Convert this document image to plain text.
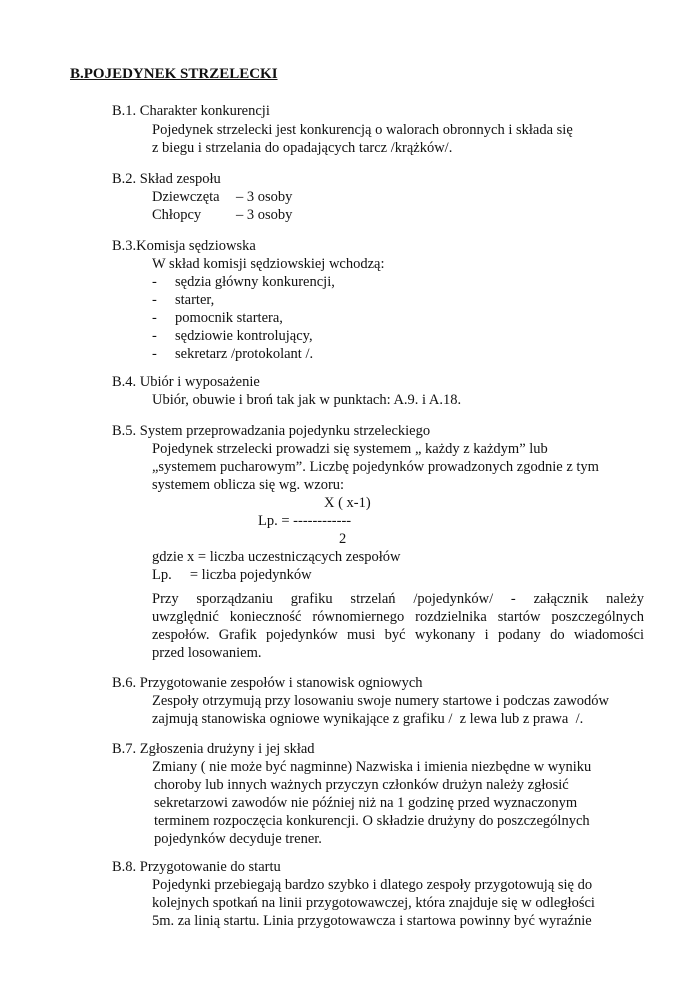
B.POJEDYNEK STRZELECKI
B.1. Charakter konkurencji
Pojedynek strzelecki jest konkurencją o walorach obronnych i składa się
z biegu i strzelania do opadających tarcz /krążków/.
B.2. Skład zespołu
Dziewczęta – 3 osoby
Chłopcy – 3 osoby
B.3.Komisja sędziowska
W skład komisji sędziowskiej wchodzą:
- sędzia główny konkurencji,
- starter,
- pomocnik startera,
- sędziowie kontrolujący,
- sekretarz /protokolant /.
B.4. Ubiór i wyposażenie
Ubiór, obuwie i broń tak jak w punktach: A.9. i A.18.
B.5. System przeprowadzania pojedynku strzeleckiego
Pojedynek strzelecki prowadzi się systemem „ każdy z każdym” lub
„systemem pucharowym”. Liczbę pojedynków prowadzonych zgodnie z tym
systemem oblicza się wg. wzoru:
X ( x-1)
Lp. = ------------
2
gdzie x = liczba uczestniczących zespołów
Lp.     = liczba pojedynków
Przy sporządzaniu grafiku strzelań /pojedynków/ - załącznik należy
uwzględnić konieczność równomiernego rozdzielnika startów poszczególnych
zespołów. Grafik pojedynków musi być wykonany i podany do wiadomości
przed losowaniem.
B.6. Przygotowanie zespołów i stanowisk ogniowych
Zespoły otrzymują przy losowaniu swoje numery startowe i podczas zawodów
zajmują stanowiska ogniowe wynikające z grafiku /  z lewa lub z prawa  /.
B.7. Zgłoszenia drużyny i jej skład
Zmiany ( nie może być nagminne) Nazwiska i imienia niezbędne w wyniku
choroby lub innych ważnych przyczyn członków drużyn należy zgłosić
sekretarzowi zawodów nie później niż na 1 godzinę przed wyznaczonym
terminem rozpoczęcia konkurencji. O składzie drużyny do poszczególnych
pojedynków decyduje trener.
B.8. Przygotowanie do startu
Pojedynki przebiegają bardzo szybko i dlatego zespoły przygotowują się do
kolejnych spotkań na linii przygotowawczej, która znajduje się w odległości
5m. za linią startu. Linia przygotowawcza i startowa powinny być wyraźnie
